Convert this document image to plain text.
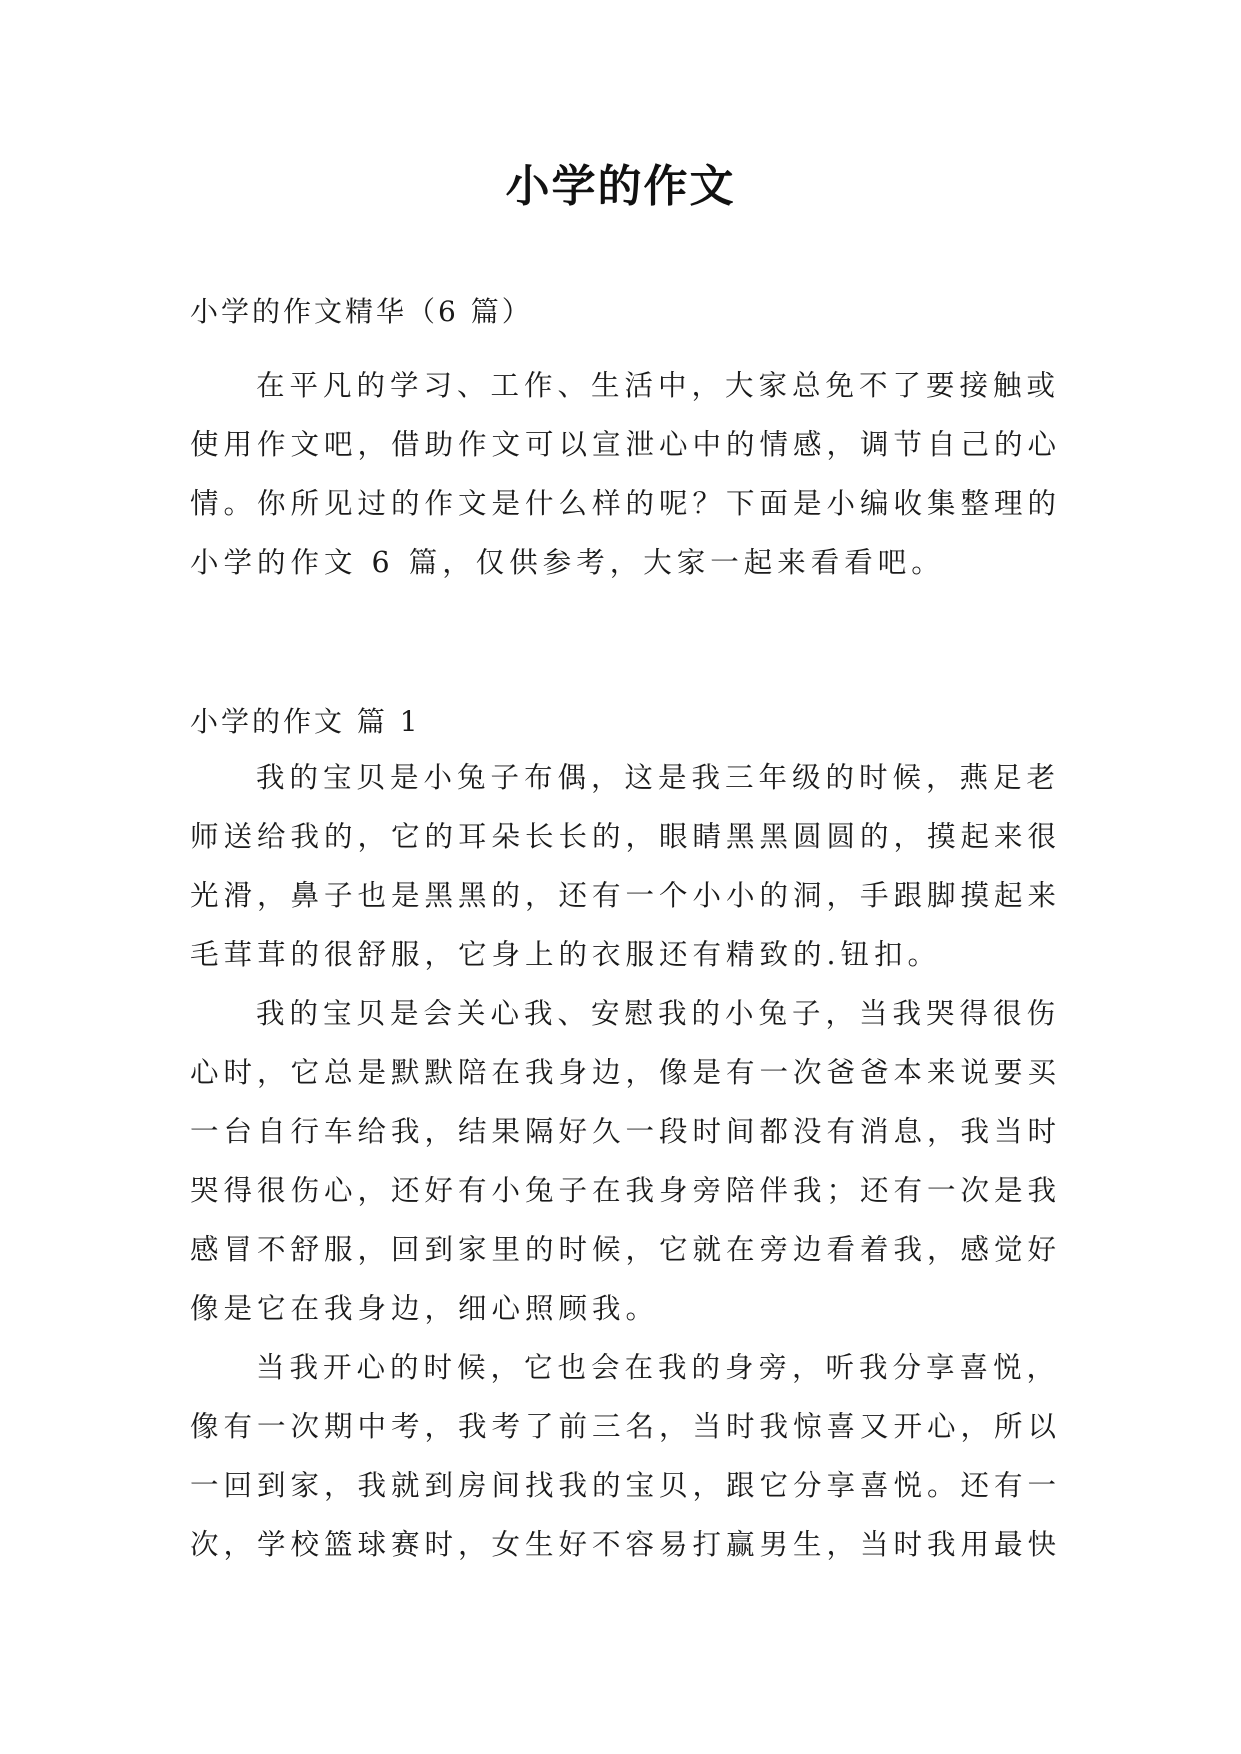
小学的作文
小学的作文精华（6 篇）
在平凡的学习、工作、生活中，大家总免不了要接触或
使用作文吧，借助作文可以宣泄心中的情感，调节自己的心
情。你所见过的作文是什么样的呢？下面是小编收集整理的
小学的作文 6 篇，仅供参考，大家一起来看看吧。
小学的作文 篇 1
我的宝贝是小兔子布偶，这是我三年级的时候，燕足老
师送给我的，它的耳朵长长的，眼睛黑黑圆圆的，摸起来很
光滑，鼻子也是黑黑的，还有一个小小的洞，手跟脚摸起来
毛茸茸的很舒服，它身上的衣服还有精致的.钮扣。
我的宝贝是会关心我、安慰我的小兔子，当我哭得很伤
心时，它总是默默陪在我身边，像是有一次爸爸本来说要买
一台自行车给我，结果隔好久一段时间都没有消息，我当时
哭得很伤心，还好有小兔子在我身旁陪伴我；还有一次是我
感冒不舒服，回到家里的时候，它就在旁边看着我，感觉好
像是它在我身边，细心照顾我。
当我开心的时候，它也会在我的身旁，听我分享喜悦，
像有一次期中考，我考了前三名，当时我惊喜又开心，所以
一回到家，我就到房间找我的宝贝，跟它分享喜悦。还有一
次，学校篮球赛时，女生好不容易打赢男生，当时我用最快
